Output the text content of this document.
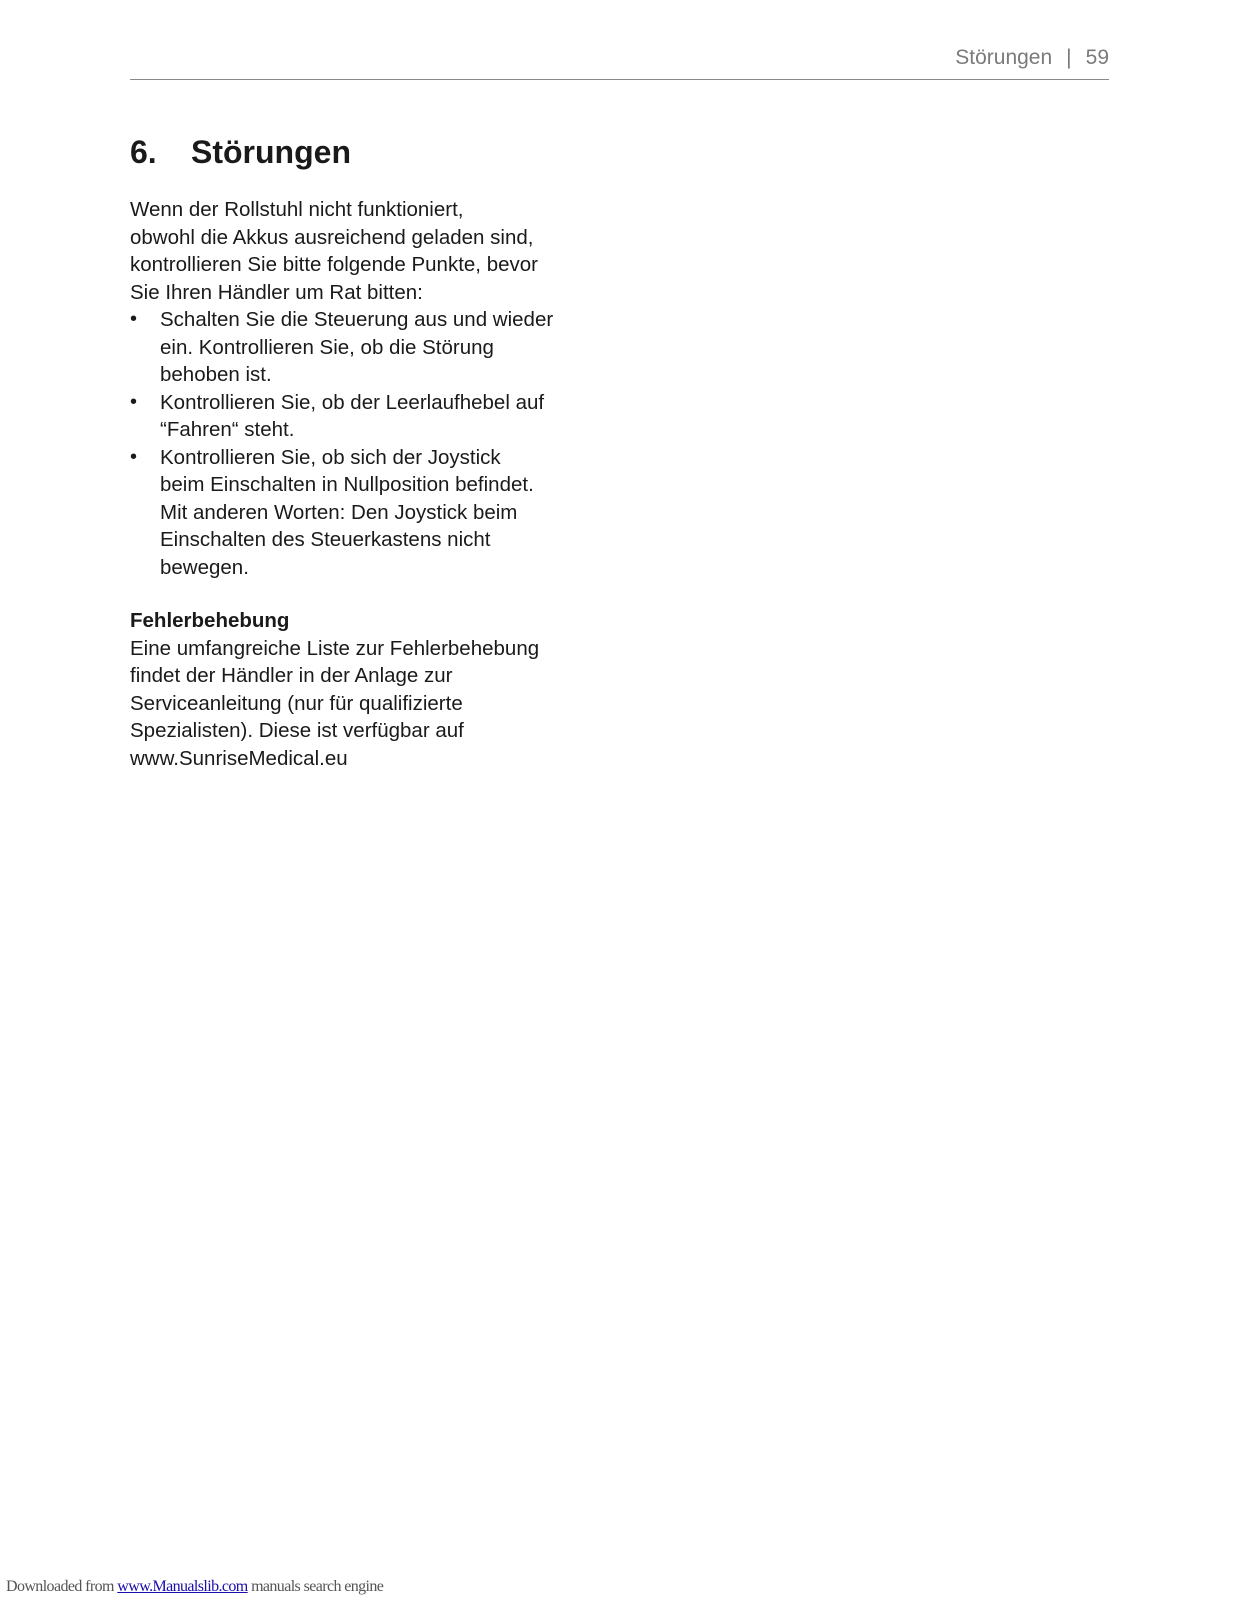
Störungen | 59
6. Störungen

Wenn der Rollstuhl nicht funktioniert,
obwohl die Akkus ausreichend geladen sind,
kontrollieren Sie bitte folgende Punkte, bevor
Sie Ihren Händler um Rat bitten:

• Schalten Sie die Steuerung aus und wieder
ein. Kontrollieren Sie, ob die Störung
behoben ist.
• Kontrollieren Sie, ob der Leerlaufhebel auf
“Fahren“ steht.
• Kontrollieren Sie, ob sich der Joystick
beim Einschalten in Nullposition befindet.
Mit anderen Worten: Den Joystick beim
Einschalten des Steuerkastens nicht
bewegen.
Fehlerbehebung

Eine umfangreiche Liste zur Fehlerbehebung
findet der Händler in der Anlage zur
Serviceanleitung (nur für qualifizierte
Spezialisten). Diese ist verfügbar auf
www.SunriseMedical.eu

Downloaded from www.Manualslib.com manuals search engine
